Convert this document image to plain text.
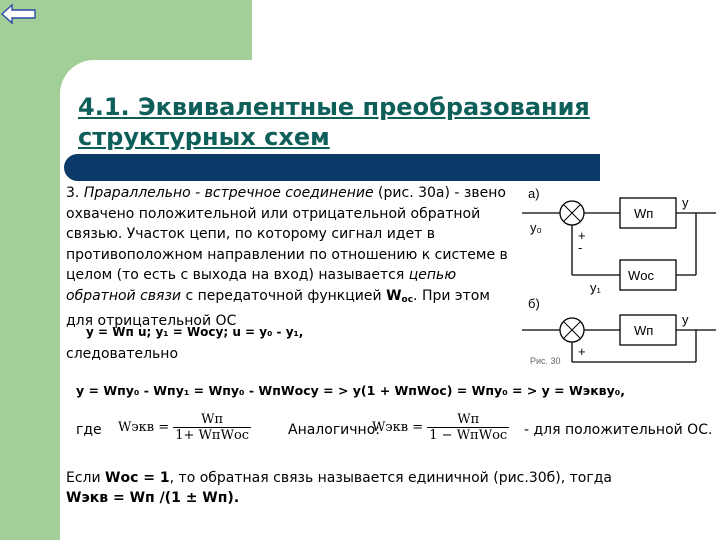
4.1. Эквивалентные преобразования структурных схем

3. Прараллельно - встречное соединение (рис. 30а) - звено охвачено положительной или отрицательной обратной связью. Участок цепи, по которому сигнал идет в противоположном направлении по отношению к системе в целом (то есть с выхода на вход) называется цепью обратной связи с передаточной функцией $W_{ос}$. При этом для отрицательной ОС

y = Wп u; y₁ = Wосy; u = y₀ - y₁,
следовательно
y = Wпy₀ - Wпy₁ = Wпy₀ - WпWосy = > y(1 + WпWос) = Wпy₀ = > y = Wэквy₀,
где Wэкв = $\frac{Wп}{\text{1+ WпWос}}$	Аналогично:
Wэкв = $\frac{Wп}{\text{1 − WпWос}}$ - для положительной ОС.
Если Wос = 1, то обратная связь называется единичной (рис.30б), тогда
Wэкв = Wп /(1 ± Wп).
а)
Wп
y
Wос
y₀
+
-
y₁
б)
Wп
y
+
Рис. 30
